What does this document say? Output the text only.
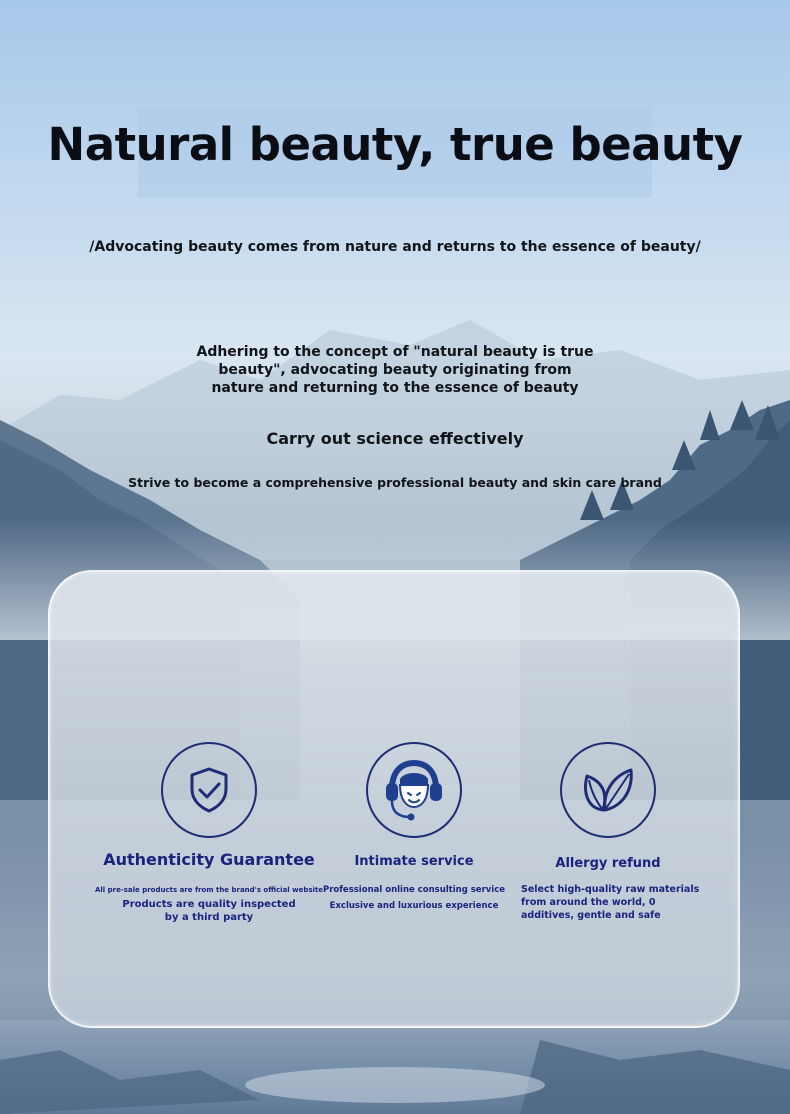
Natural beauty, true beauty
/Advocating beauty comes from nature and returns to the essence of beauty/
Adhering to the concept of "natural beauty is true beauty", advocating beauty originating from nature and returning to the essence of beauty
Carry out science effectively
Strive to become a comprehensive professional beauty and skin care brand
Authenticity Guarantee
All pre-sale products are from the brand's official website
Products are quality inspected by a third party
Intimate service
Professional online consulting service
Exclusive and luxurious experience
Allergy refund
Select high-quality raw materials from around the world, 0 additives, gentle and safe
